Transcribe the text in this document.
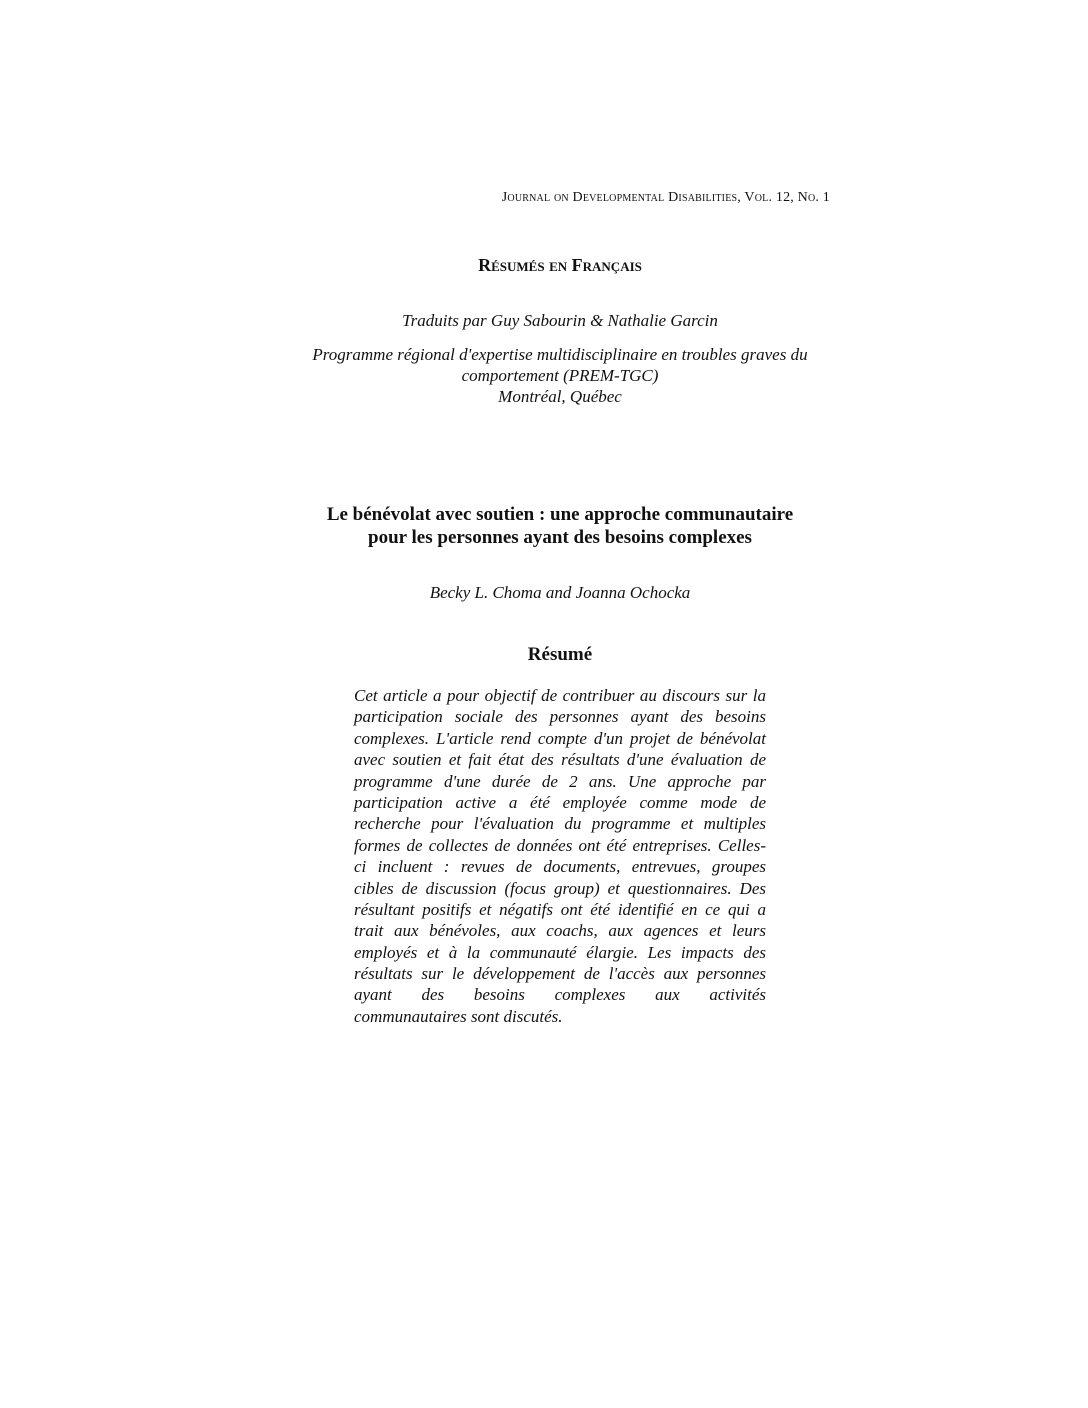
Journal on Developmental Disabilities, Vol. 12, No. 1
Résumés en Français
Traduits par Guy Sabourin & Nathalie Garcin
Programme régional d'expertise multidisciplinaire en troubles graves du
comportement (PREM-TGC)
Montréal, Québec
Le bénévolat avec soutien : une approche communautaire
pour les personnes ayant des besoins complexes
Becky L. Choma and Joanna Ochocka
Résumé
Cet article a pour objectif de contribuer au discours sur la
participation sociale des personnes ayant des besoins
complexes. L'article rend compte d'un projet de bénévolat
avec soutien et fait état des résultats d'une évaluation de
programme d'une durée de 2 ans. Une approche par
participation active a été employée comme mode de
recherche pour l'évaluation du programme et multiples
formes de collectes de données ont été entreprises. Celles-
ci incluent : revues de documents, entrevues, groupes
cibles de discussion (focus group) et questionnaires. Des
résultant positifs et négatifs ont été identifié en ce qui a
trait aux bénévoles, aux coachs, aux agences et leurs
employés et à la communauté élargie. Les impacts des
résultats sur le développement de l'accès aux personnes
ayant des besoins complexes aux activités
communautaires sont discutés.
